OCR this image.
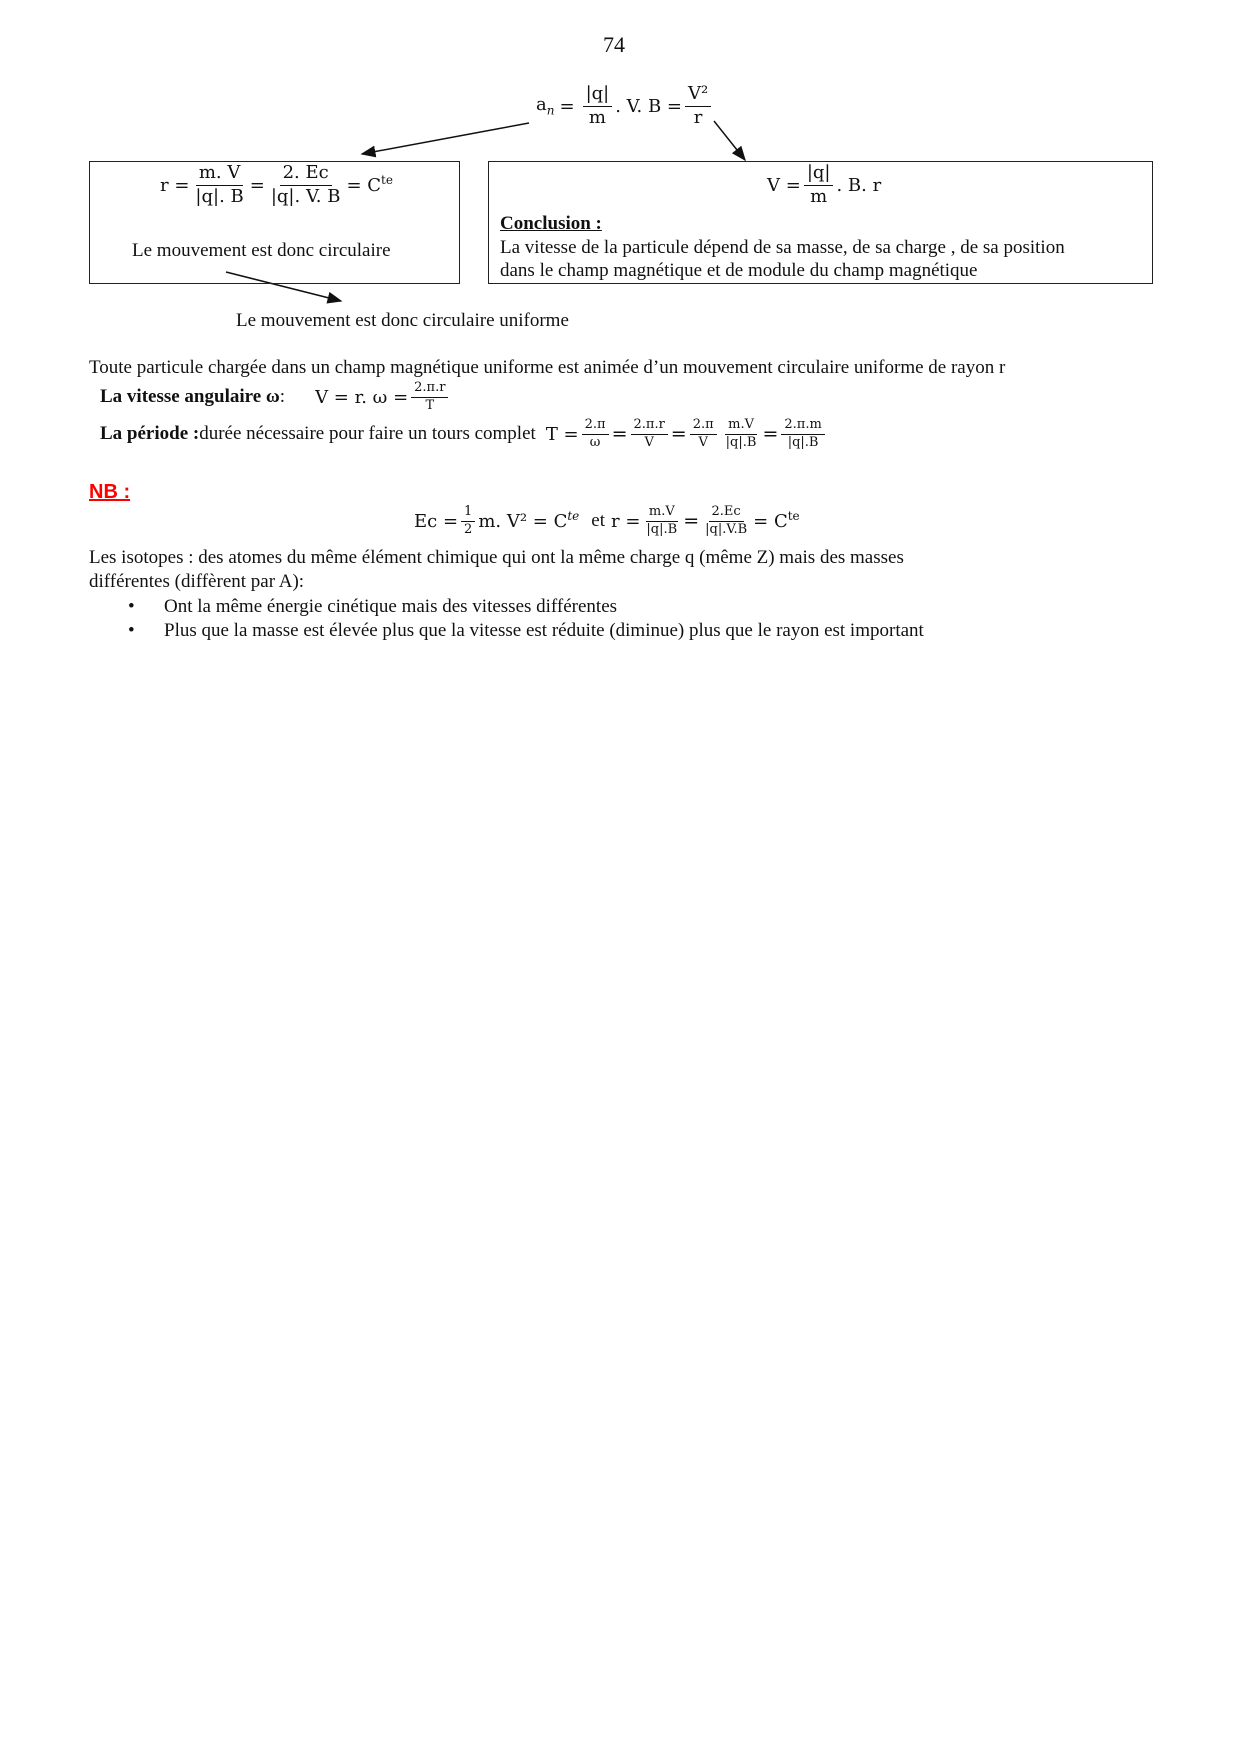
74
$a_n = \frac{|q|}{m}$ . V. $B = \frac{\text{V²}}{r}$
$r = \frac{m. V}{|q|. B} = \frac{2. Ec}{|q|. V. B} = C^{te}$
Le mouvement est donc circulaire
$V = \frac{|q|}{m}$ . B. r
Conclusion :
La vitesse de la particule dépend de sa masse, de sa charge , de sa position
dans le champ magnétique et de module du champ magnétique
Le mouvement est donc circulaire uniforme
Toute particule chargée dans un champ magnétique uniforme est animée d’un mouvement circulaire uniforme de rayon r
La vitesse angulaire ω : V = r. $\omega = \frac{2.\pi.r}{T}$
La période : durée nécessaire pour faire un tours complet $T = \frac{2.\pi}{\omega} = \frac{2.\pi.r}{V} = \frac{2.\pi}{V} \frac{m.V}{|q|.B} = \frac{2.\pi.m}{|q|.B}$
NB :
$Ec = \frac{1}{2} m$. $V^2 = C^{te}$ et $r = \frac{m.V}{|q|.B} = \frac{2.Ec}{|q|.V.B} = C^{te}$
Les isotopes : des atomes du même élément chimique qui ont la même charge q (même Z) mais des masses
différentes (diffèrent par A):
• Ont la même énergie cinétique mais des vitesses différentes
• Plus que la masse est élevée plus que la vitesse est réduite (diminue) plus que le rayon est important
